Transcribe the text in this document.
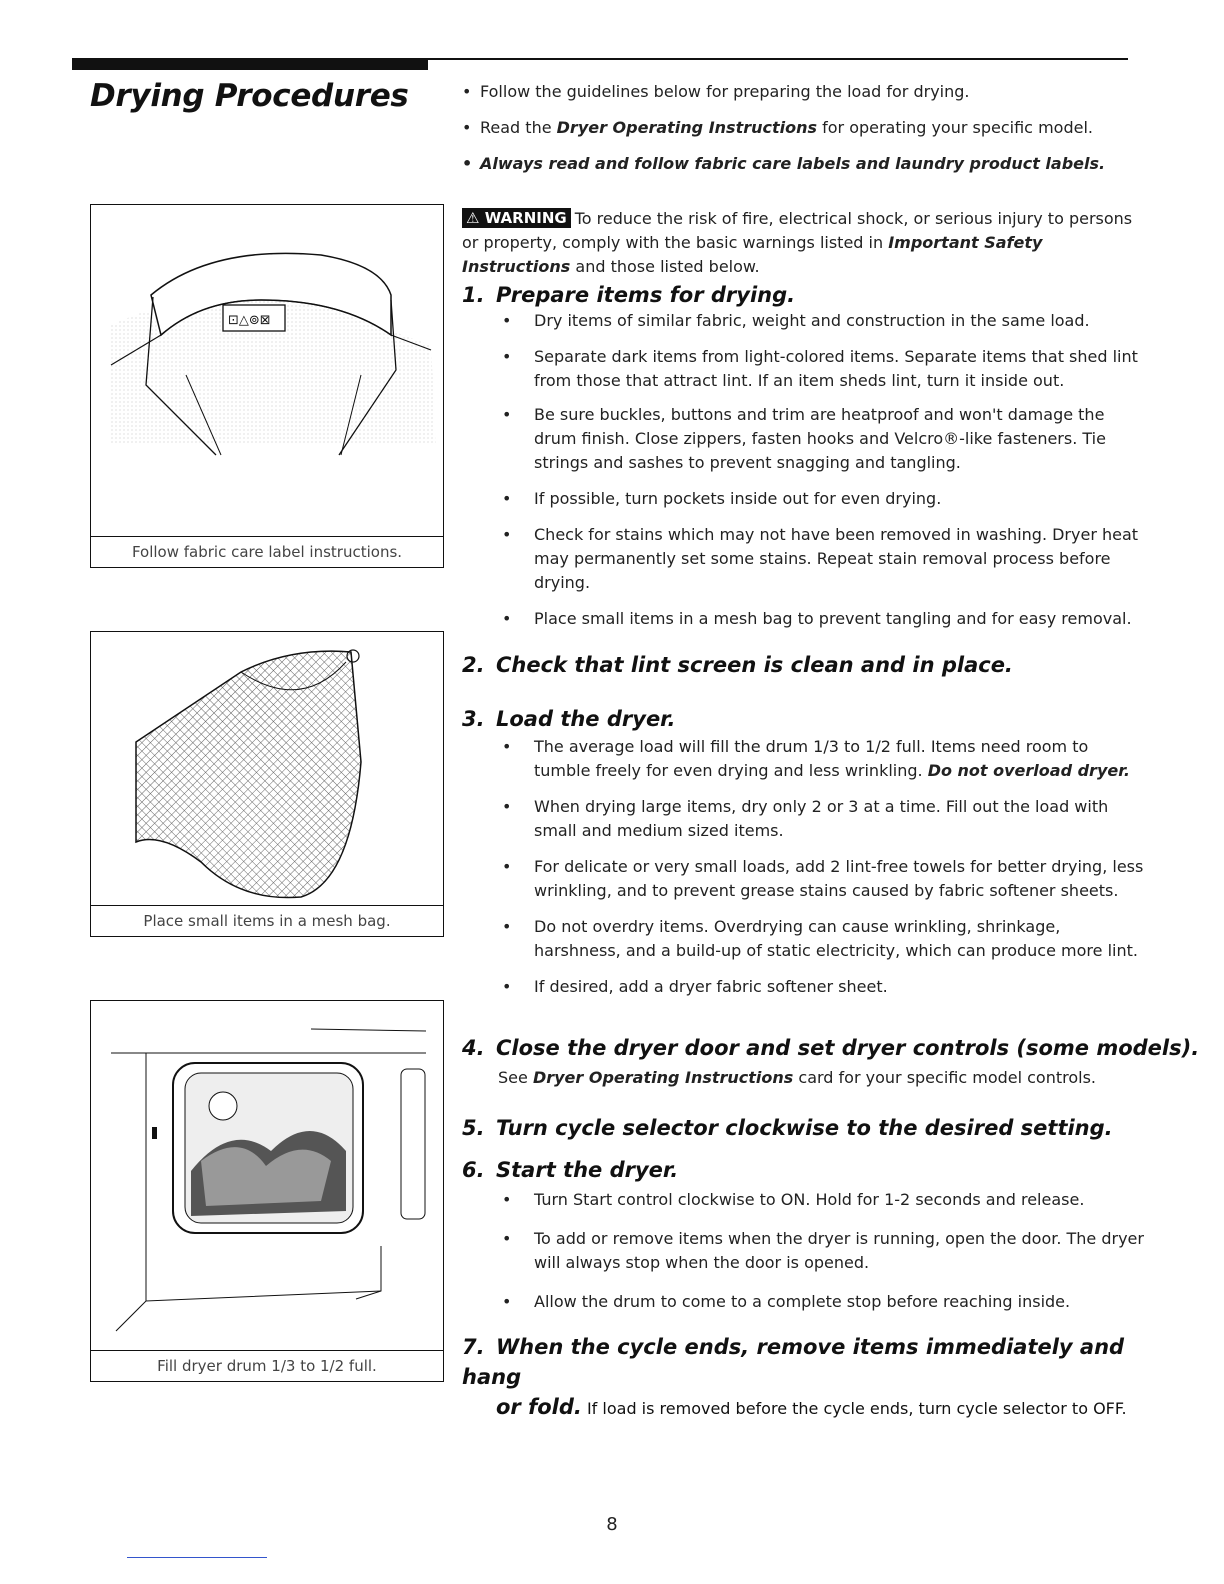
Drying Procedures
•	Follow the guidelines below for preparing the load for drying.
• Read the Dryer Operating Instructions for operating your specific model.
• Always read and follow fabric care labels and laundry product labels.
⚠ WARNING To reduce the risk of fire, electrical shock, or serious injury to persons or property, comply with the basic warnings listed in Important Safety Instructions and those listed below.
1. Prepare items for drying.
• Dry items of similar fabric, weight and construction in the same load.
• Separate dark items from light-colored items. Separate items that shed lint from those that attract lint. If an item sheds lint, turn it inside out.
• Be sure buckles, buttons and trim are heatproof and won't damage the drum finish. Close zippers, fasten hooks and Velcro®-like fasteners. Tie strings and sashes to prevent snagging and tangling.
• If possible, turn pockets inside out for even drying.
• Check for stains which may not have been removed in washing. Dryer heat may permanently set some stains. Repeat stain removal process before drying.
• Place small items in a mesh bag to prevent tangling and for easy removal.
2. Check that lint screen is clean and in place.
3. Load the dryer.
• The average load will fill the drum 1/3 to 1/2 full. Items need room to tumble freely for even drying and less wrinkling. Do not overload dryer.
• When drying large items, dry only 2 or 3 at a time. Fill out the load with small and medium sized items.
• For delicate or very small loads, add 2 lint-free towels for better drying, less wrinkling, and to prevent grease stains caused by fabric softener sheets.
• Do not overdry items. Overdrying can cause wrinkling, shrinkage, harshness, and a build-up of static electricity, which can produce more lint.
• If desired, add a dryer fabric softener sheet.
4. Close the dryer door and set dryer controls (some models).
See Dryer Operating Instructions card for your specific model controls.
5. Turn cycle selector clockwise to the desired setting.
6. Start the dryer.
• Turn Start control clockwise to ON. Hold for 1-2 seconds and release.
• To add or remove items when the dryer is running, open the door. The dryer will always stop when the door is opened.
• Allow the drum to come to a complete stop before reaching inside.
7. When the cycle ends, remove items immediately and hang
or fold. If load is removed before the cycle ends, turn cycle selector to OFF.
⊡△⊚⊠
Follow fabric care label instructions.
Place small items in a mesh bag.
Fill dryer drum 1/3 to 1/2 full.
8
